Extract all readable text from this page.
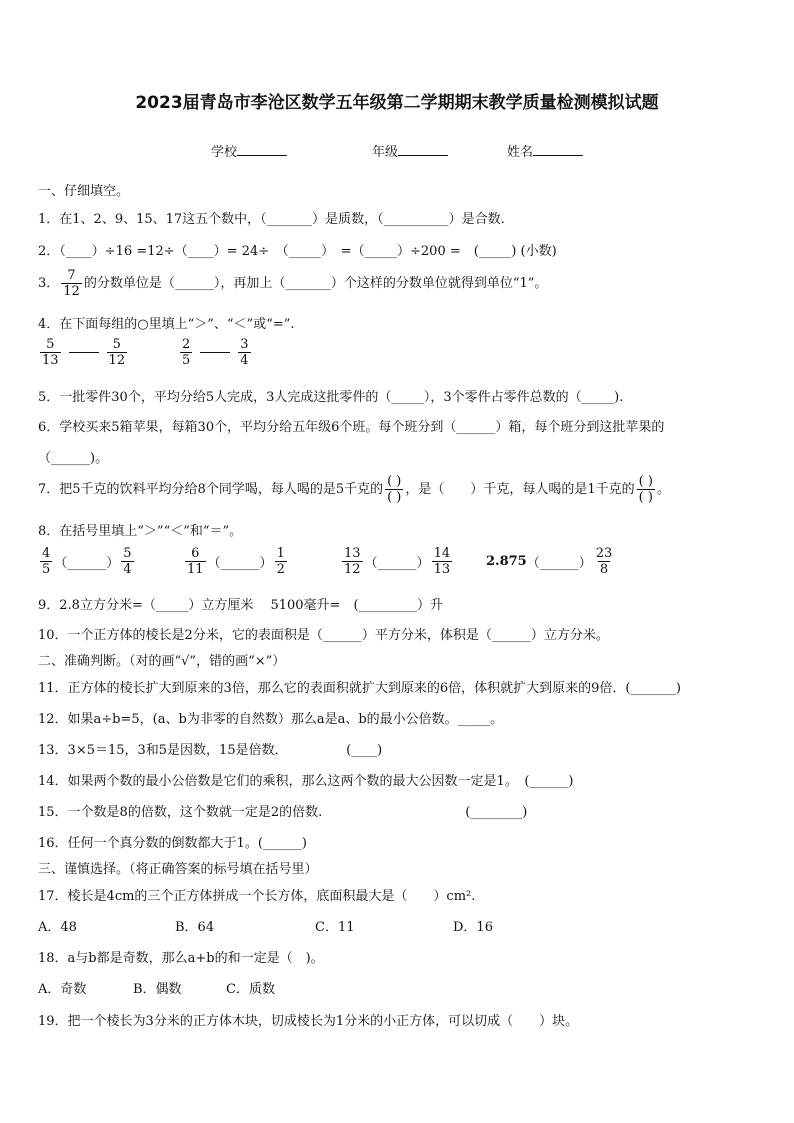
2023届青岛市李沧区数学五年级第二学期期末教学质量检测模拟试题
学校	年级	姓名
一、仔细填空。
1．在1、2、9、15、17这五个数中，（_______）是质数，（__________）是合数.
2．（____）÷16 =12÷（____）= 24÷　（_____）　=（_____）÷200 =　(_____) (小数)
3． $\frac{7}{12}$ 的分数单位是（______），再加上（_______）个这样的分数单位就得到单位“1”。
4．在下面每组的○里填上“＞”、“＜”或“=”.
$\frac{5}{13}$	$\frac{5}{12}$	$\frac{2}{5}$	$\frac{3}{4}$
5．一批零件30个，平均分给5人完成，3人完成这批零件的（_____），3个零件占零件总数的（_____).
6．学校买来5箱苹果，每箱30个，平均分给五年级6个班。每个班分到（______）箱，每个班分到这批苹果的
（______)。
7．把5千克的饮料平均分给8个同学喝，每人喝的是5千克的 $\frac{( )}{( )}$ ，是（　　）千克，每人喝的是1千克的 $\frac{( )}{( )}$ 。
8．在括号里填上“＞”“＜”和“＝”。
$\frac{4}{5}$ （______） $\frac{5}{4}$	$\frac{6}{11}$ （______） $\frac{1}{2}$	$\frac{13}{12}$ （______） $\frac{14}{13}$	2.875（______） $\frac{23}{8}$
9．2.8立方分米=（_____）立方厘米　 5100毫升=　(_________）升
10．一个正方体的棱长是2分米，它的表面积是（______）平方分米，体积是（______）立方分米。
二、准确判断。（对的画“√”，错的画“×”）
11．正方体的棱长扩大到原来的3倍，那么它的表面积就扩大到原来的6倍，体积就扩大到原来的9倍．(_______)
12．如果a÷b=5，(a、b为非零的自然数）那么a是a、b的最小公倍数。_____。
13．3×5＝15，3和5是因数，15是倍数．　　　　　(____)
14．如果两个数的最小公倍数是它们的乘积，那么这两个数的最大公因数一定是1。　(______)
15．一个数是8的倍数，这个数就一定是2的倍数.　　　　　　　　　　　(________)
16．任何一个真分数的倒数都大于1。(______)
三、谨慎选择。（将正确答案的标号填在括号里）
17．棱长是4cm的三个正方体拼成一个长方体，底面积最大是（　　）cm².
A．48	B．64	C．11	D．16
18．a与b都是奇数，那么a+b的和一定是（　)。
A．奇数	B．偶数	C．质数
19．把一个棱长为3分米的正方体木块，切成棱长为1分米的小正方体，可以切成（　　）块。
